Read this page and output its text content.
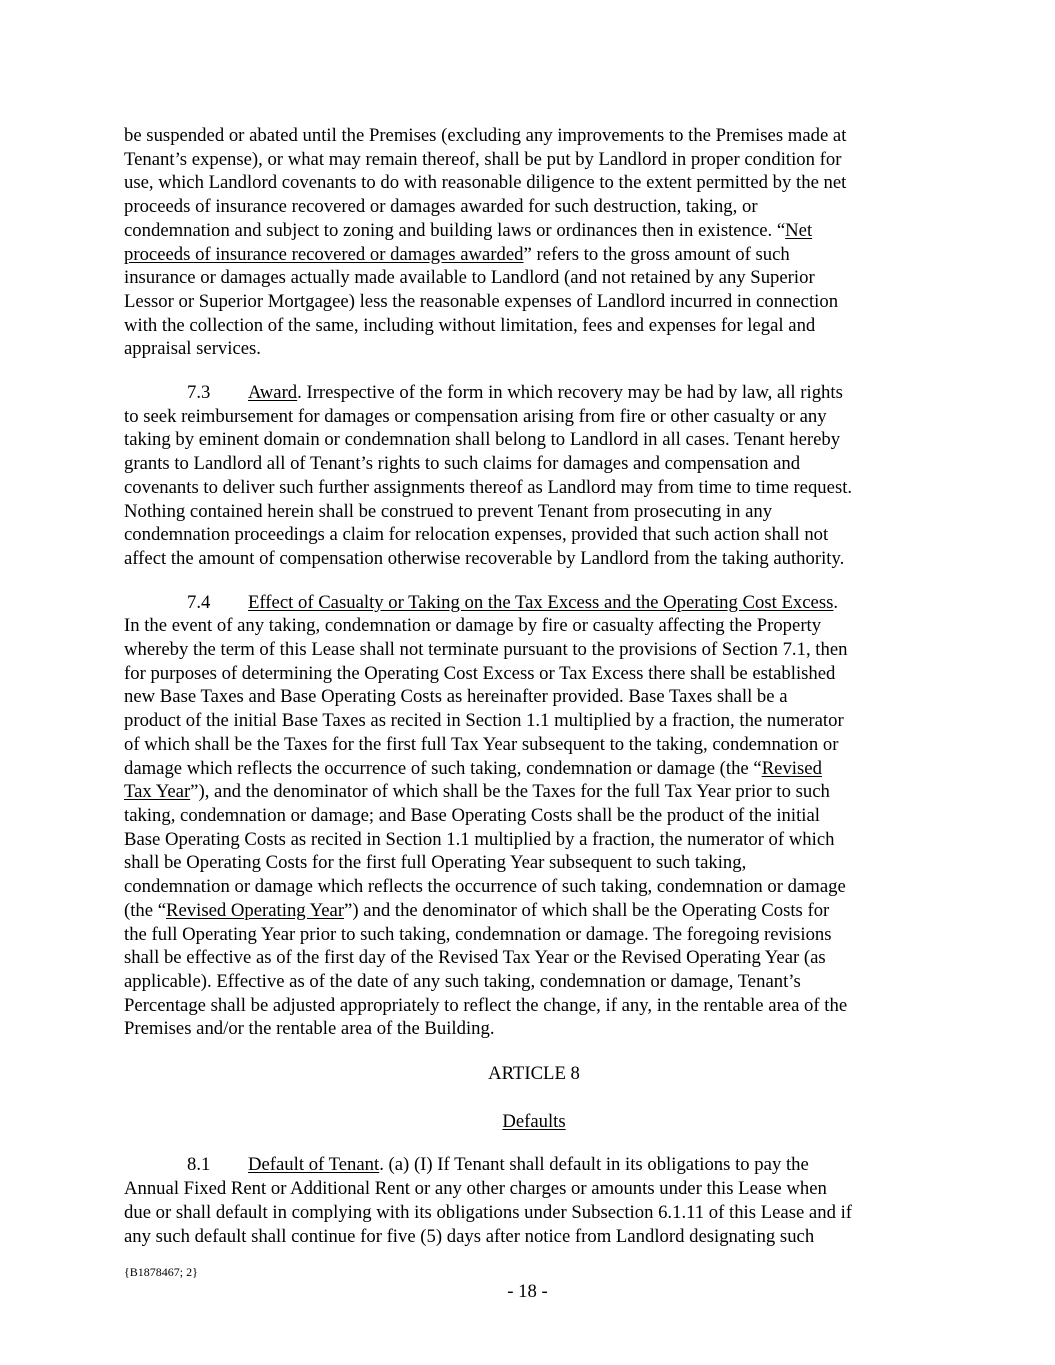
be suspended or abated until the Premises (excluding any improvements to the Premises made at
Tenant’s expense), or what may remain thereof, shall be put by Landlord in proper condition for
use, which Landlord covenants to do with reasonable diligence to the extent permitted by the net
proceeds of insurance recovered or damages awarded for such destruction, taking, or
condemnation and subject to zoning and building laws or ordinances then in existence. “Net
proceeds of insurance recovered or damages awarded” refers to the gross amount of such
insurance or damages actually made available to Landlord (and not retained by any Superior
Lessor or Superior Mortgagee) less the reasonable expenses of Landlord incurred in connection
with the collection of the same, including without limitation, fees and expenses for legal and
appraisal services.

7.3 Award. Irrespective of the form in which recovery may be had by law, all rights
to seek reimbursement for damages or compensation arising from fire or other casualty or any
taking by eminent domain or condemnation shall belong to Landlord in all cases. Tenant hereby
grants to Landlord all of Tenant’s rights to such claims for damages and compensation and
covenants to deliver such further assignments thereof as Landlord may from time to time request.
Nothing contained herein shall be construed to prevent Tenant from prosecuting in any
condemnation proceedings a claim for relocation expenses, provided that such action shall not
affect the amount of compensation otherwise recoverable by Landlord from the taking authority.

7.4 Effect of Casualty or Taking on the Tax Excess and the Operating Cost Excess.
In the event of any taking, condemnation or damage by fire or casualty affecting the Property
whereby the term of this Lease shall not terminate pursuant to the provisions of Section 7.1, then
for purposes of determining the Operating Cost Excess or Tax Excess there shall be established
new Base Taxes and Base Operating Costs as hereinafter provided. Base Taxes shall be a
product of the initial Base Taxes as recited in Section 1.1 multiplied by a fraction, the numerator
of which shall be the Taxes for the first full Tax Year subsequent to the taking, condemnation or
damage which reflects the occurrence of such taking, condemnation or damage (the “Revised
Tax Year”), and the denominator of which shall be the Taxes for the full Tax Year prior to such
taking, condemnation or damage; and Base Operating Costs shall be the product of the initial
Base Operating Costs as recited in Section 1.1 multiplied by a fraction, the numerator of which
shall be Operating Costs for the first full Operating Year subsequent to such taking,
condemnation or damage which reflects the occurrence of such taking, condemnation or damage
(the “Revised Operating Year”) and the denominator of which shall be the Operating Costs for
the full Operating Year prior to such taking, condemnation or damage. The foregoing revisions
shall be effective as of the first day of the Revised Tax Year or the Revised Operating Year (as
applicable). Effective as of the date of any such taking, condemnation or damage, Tenant’s
Percentage shall be adjusted appropriately to reflect the change, if any, in the rentable area of the
Premises and/or the rentable area of the Building.

ARTICLE 8

Defaults

8.1 Default of Tenant. (a) (I) If Tenant shall default in its obligations to pay the
Annual Fixed Rent or Additional Rent or any other charges or amounts under this Lease when
due or shall default in complying with its obligations under Subsection 6.1.11 of this Lease and if
any such default shall continue for five (5) days after notice from Landlord designating such

{B1878467; 2}
- 18 -
